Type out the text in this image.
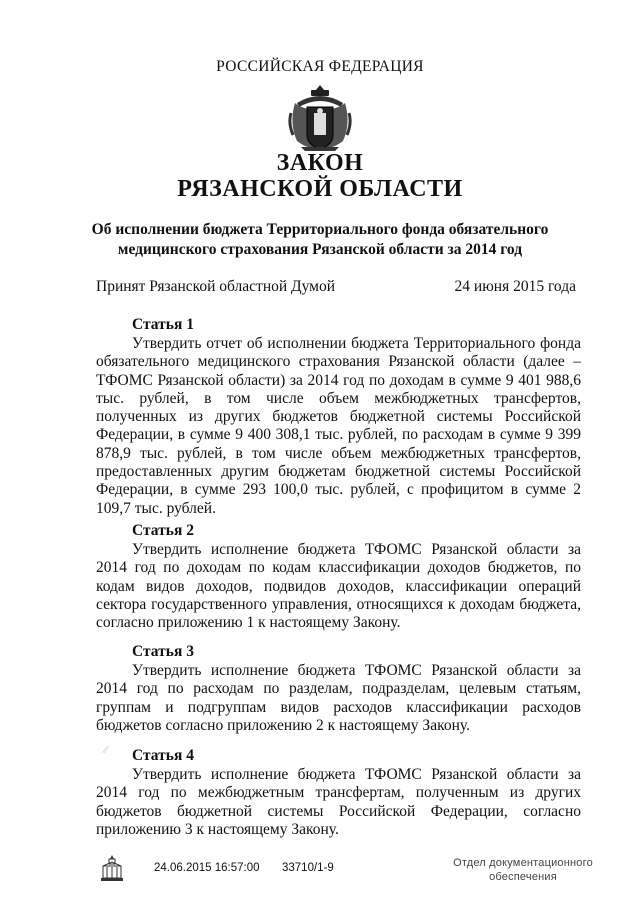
РОССИЙСКАЯ ФЕДЕРАЦИЯ
ЗАКОН
РЯЗАНСКОЙ ОБЛАСТИ
Об исполнении бюджета Территориального фонда обязательного
медицинского страхования Рязанской области за 2014 год
Принят Рязанской областной Думой	24 июня 2015 года
Статья 1

Утвердить отчет об исполнении бюджета Территориального фонда обязательного медицинского страхования Рязанской области (далее – ТФОМС Рязанской области) за 2014 год по доходам в сумме 9 401 988,6 тыс. рублей, в том числе объем межбюджетных трансфертов, полученных из других бюджетов бюджетной системы Российской Федерации, в сумме 9 400 308,1 тыс. рублей, по расходам в сумме 9 399 878,9 тыс. рублей, в том числе объем межбюджетных трансфертов, предоставленных другим бюджетам бюджетной системы Российской Федерации, в сумме 293 100,0 тыс. рублей, с профицитом в сумме 2 109,7 тыс. рублей.

Статья 2

Утвердить исполнение бюджета ТФОМС Рязанской области за 2014 год по доходам по кодам классификации доходов бюджетов, по кодам видов доходов, подвидов доходов, классификации операций сектора государственного управления, относящихся к доходам бюджета, согласно приложению 1 к настоящему Закону.

Статья 3

Утвердить исполнение бюджета ТФОМС Рязанской области за 2014 год по расходам по разделам, подразделам, целевым статьям, группам и подгруппам видов расходов классификации расходов бюджетов согласно приложению 2 к настоящему Закону.

⁄⁄ Статья 4

Утвердить исполнение бюджета ТФОМС Рязанской области за 2014 год по межбюджетным трансфертам, полученным из других бюджетов бюджетной системы Российской Федерации, согласно приложению 3 к настоящему Закону.

24.06.2015 16:57:00 33710/1-9	Отдел документационного
обеспечения
